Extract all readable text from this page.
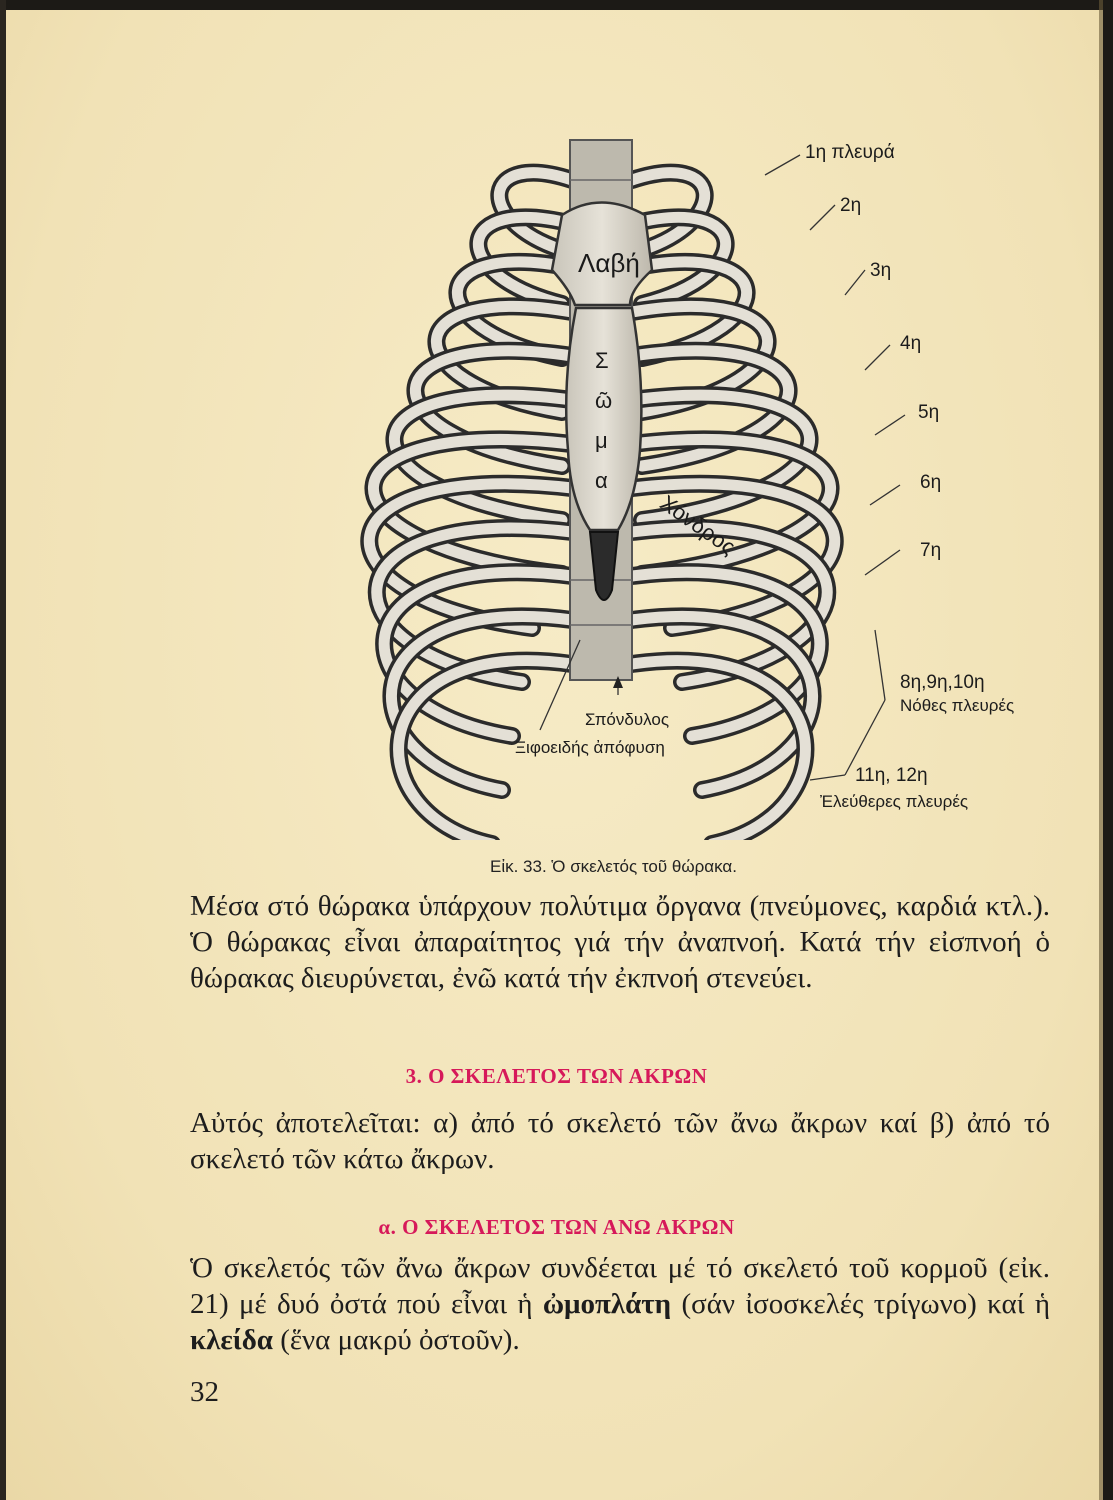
Λαβή
Σ
ῶ
μ
α
Χόνδρος
1η πλευρά
2η
3η
4η
5η
6η
7η
8η,9η,10η
Νόθες πλευρές
11η, 12η
Ἐλεύθερες πλευρές
Σπόνδυλος
Ξιφοειδής ἀπόφυση
Εἰκ. 33. Ὁ σκελετός τοῦ θώρακα.
Μέσα στό θώρακα ὑπάρχουν πολύτιμα ὄργανα (πνεύμονες, καρδιά κτλ.). Ὁ θώρακας εἶναι ἀπαραίτητος γιά τήν ἀναπνοή. Κατά τήν εἰσπνοή ὁ θώρακας διευρύνεται, ἐνῶ κατά τήν ἐκπνοή στενεύει.
3. Ο ΣΚΕΛΕΤΟΣ ΤΩΝ ΑΚΡΩΝ
Αὐτός ἀποτελεῖται: α) ἀπό τό σκελετό τῶν ἄνω ἄκρων καί β) ἀπό τό σκελετό τῶν κάτω ἄκρων.
α. Ο ΣΚΕΛΕΤΟΣ ΤΩΝ ΑΝΩ ΑΚΡΩΝ
Ὁ σκελετός τῶν ἄνω ἄκρων συνδέεται μέ τό σκελετό τοῦ κορμοῦ (εἰκ. 21) μέ δυό ὀστά πού εἶναι ἡ ὠμοπλάτη (σάν ἰσοσκελές τρίγωνο) καί ἡ κλείδα (ἕνα μακρύ ὀστοῦν).
32
